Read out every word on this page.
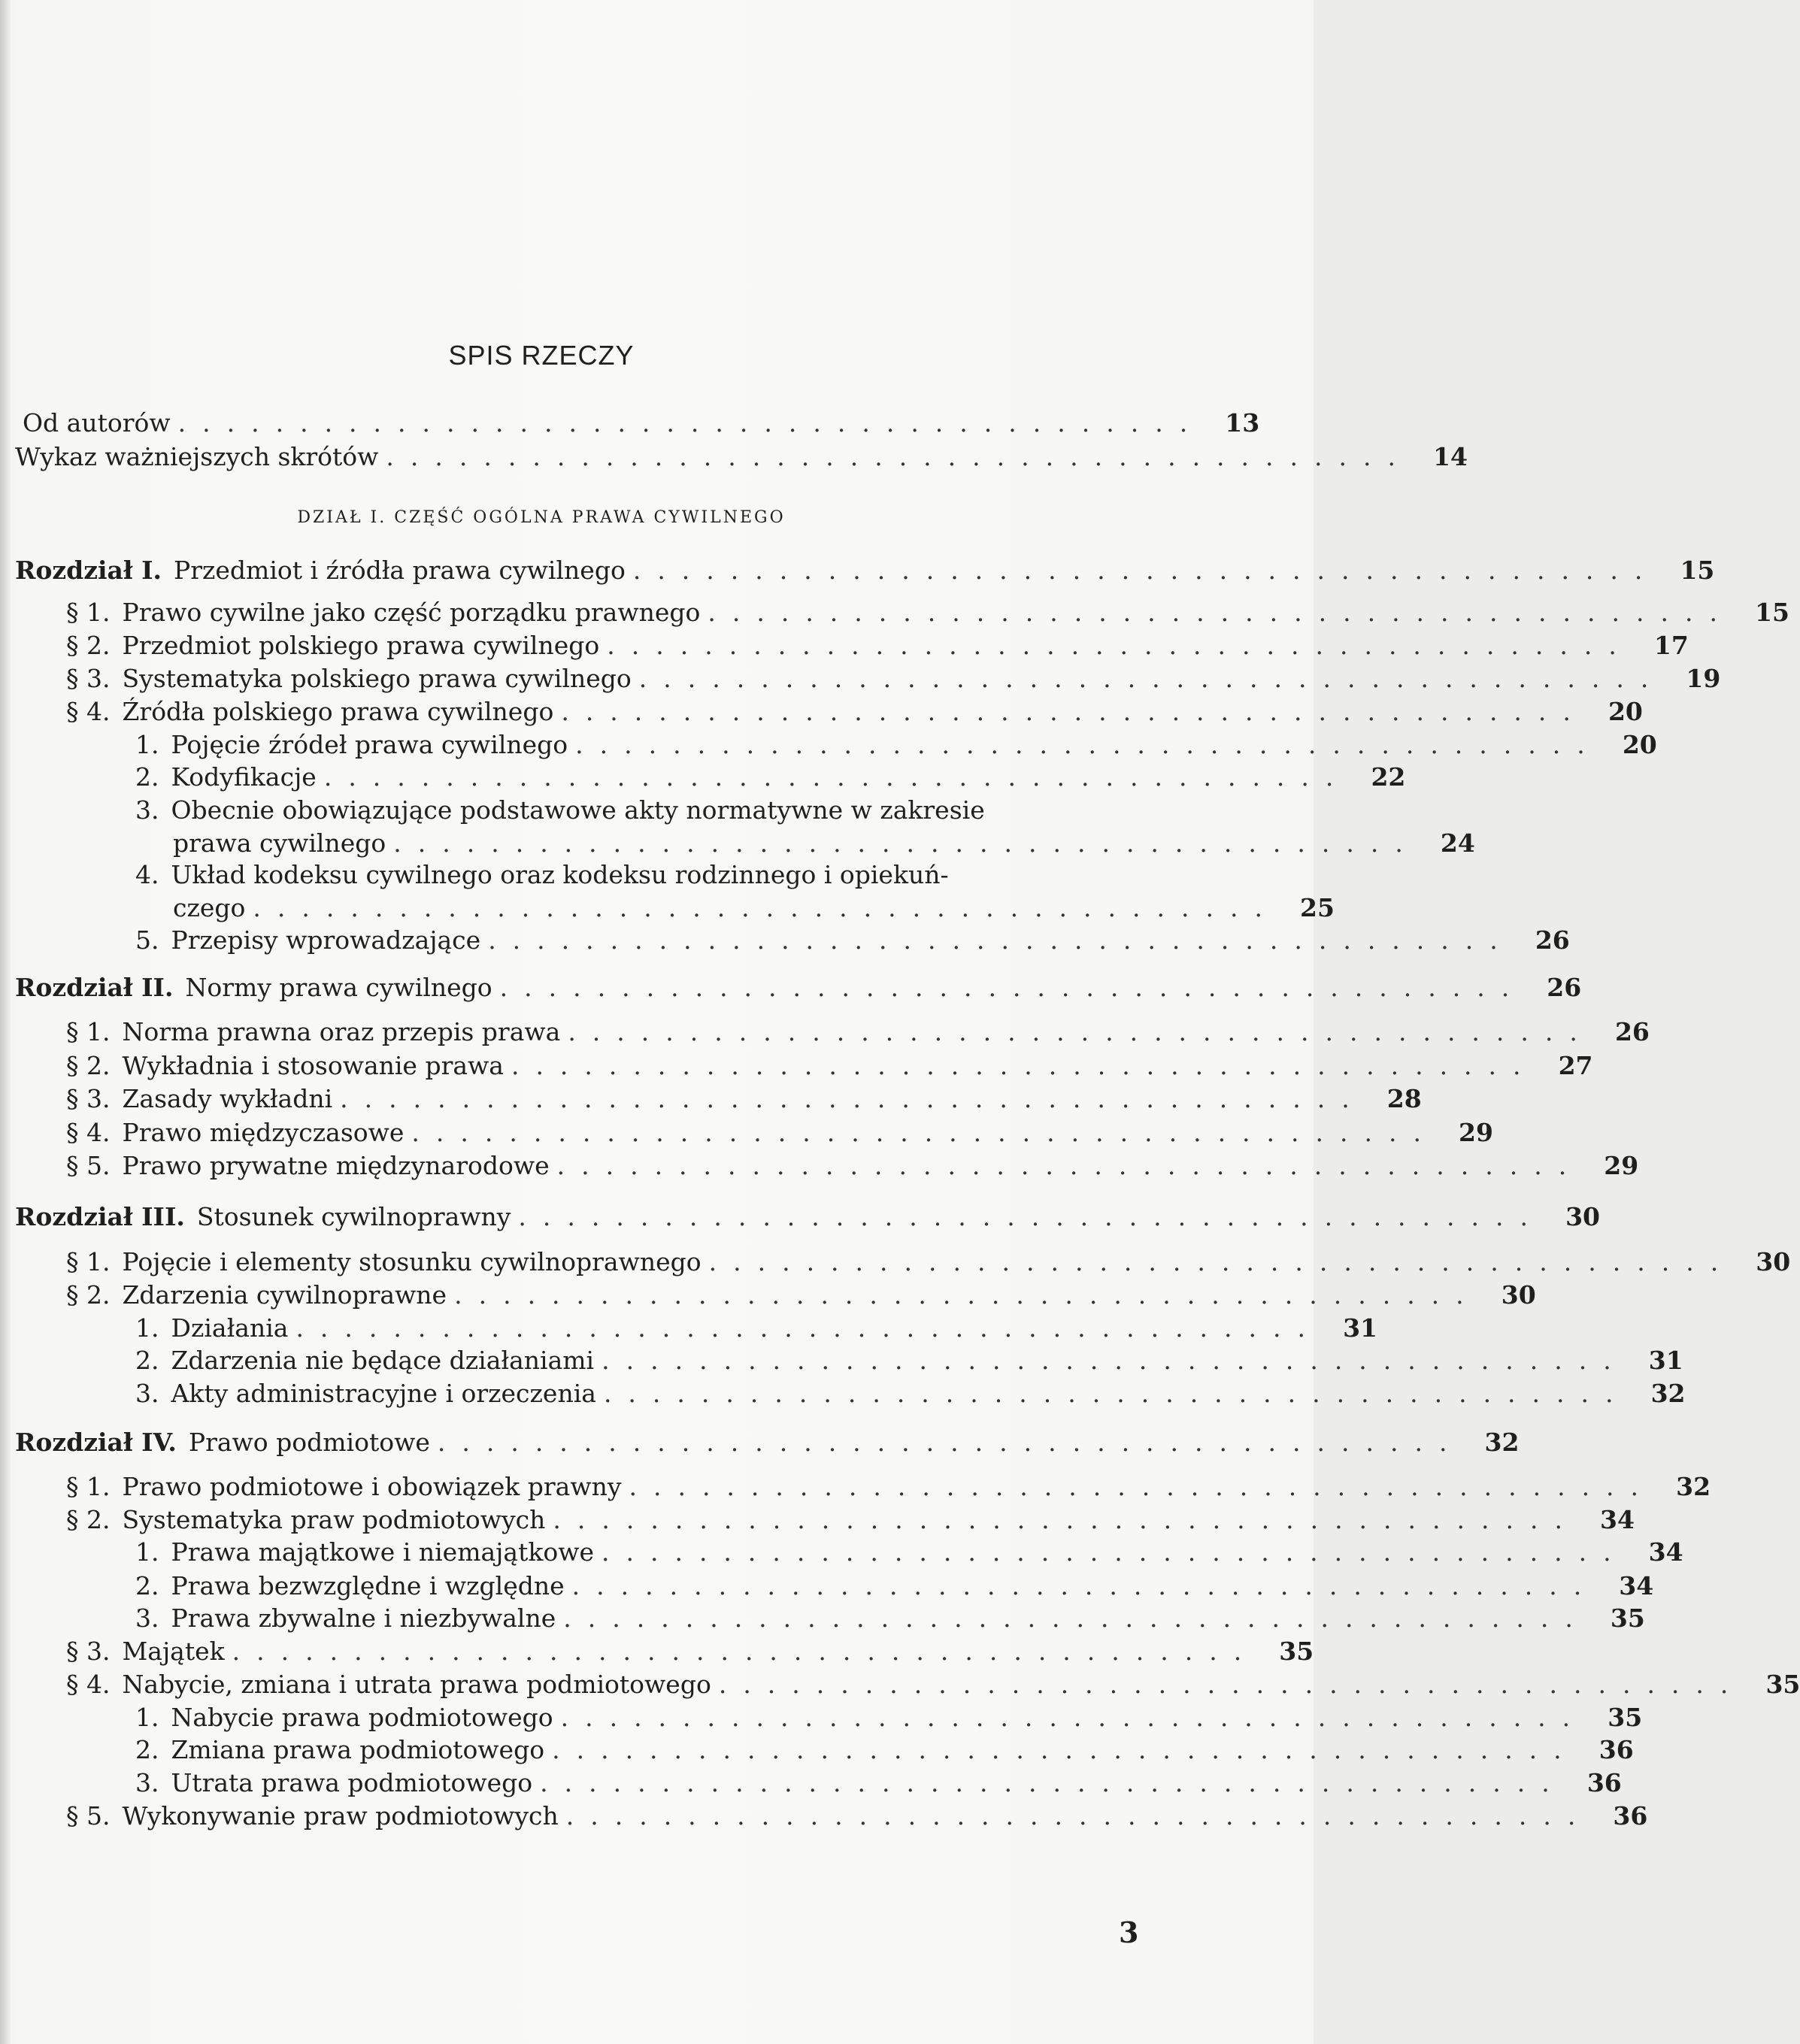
SPIS RZECZY
DZIAŁ I. CZĘŚĆ OGÓLNA PRAWA CYWILNEGO
Od autorów .......................................... 13
Wykaz ważniejszych skrótów .......................................... 14
Rozdział I. Przedmiot i źródła prawa cywilnego .......................................... 15
§ 1. Prawo cywilne jako część porządku prawnego .......................................... 15
§ 2. Przedmiot polskiego prawa cywilnego .......................................... 17
§ 3. Systematyka polskiego prawa cywilnego .......................................... 19
§ 4. Źródła polskiego prawa cywilnego .......................................... 20
1. Pojęcie źródeł prawa cywilnego .......................................... 20
2. Kodyfikacje .......................................... 22
3. Obecnie obowiązujące podstawowe akty normatywne w zakresie
prawa cywilnego .......................................... 24
4. Układ kodeksu cywilnego oraz kodeksu rodzinnego i opiekuń-
czego .......................................... 25
5. Przepisy wprowadzające .......................................... 26
Rozdział II. Normy prawa cywilnego .......................................... 26
§ 1. Norma prawna oraz przepis prawa .......................................... 26
§ 2. Wykładnia i stosowanie prawa .......................................... 27
§ 3. Zasady wykładni .......................................... 28
§ 4. Prawo międzyczasowe .......................................... 29
§ 5. Prawo prywatne międzynarodowe .......................................... 29
Rozdział III. Stosunek cywilnoprawny .......................................... 30
§ 1. Pojęcie i elementy stosunku cywilnoprawnego .......................................... 30
§ 2. Zdarzenia cywilnoprawne .......................................... 30
1. Działania .......................................... 31
2. Zdarzenia nie będące działaniami .......................................... 31
3. Akty administracyjne i orzeczenia .......................................... 32
Rozdział IV. Prawo podmiotowe .......................................... 32
§ 1. Prawo podmiotowe i obowiązek prawny .......................................... 32
§ 2. Systematyka praw podmiotowych .......................................... 34
1. Prawa majątkowe i niemajątkowe .......................................... 34
2. Prawa bezwzględne i względne .......................................... 34
3. Prawa zbywalne i niezbywalne .......................................... 35
§ 3. Majątek .......................................... 35
§ 4. Nabycie, zmiana i utrata prawa podmiotowego .......................................... 35
1. Nabycie prawa podmiotowego .......................................... 35
2. Zmiana prawa podmiotowego .......................................... 36
3. Utrata prawa podmiotowego .......................................... 36
§ 5. Wykonywanie praw podmiotowych .......................................... 36
3
